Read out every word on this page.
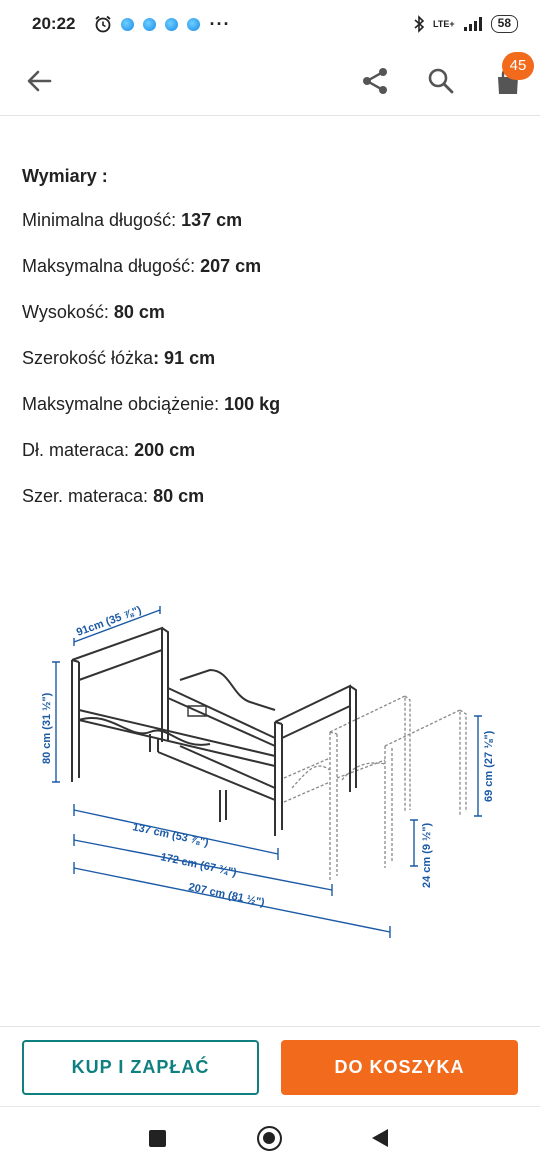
20:22	···	LTE+	58
45
Wymiary :
Minimalna długość: 137 cm
Maksymalna długość: 207 cm
Wysokość: 80 cm
Szerokość łóżka: 91 cm
Maksymalne obciążenie: 100 kg
Dł. materaca: 200 cm
Szer. materaca: 80 cm
91cm (35 ⅞")
80 cm (31 ½")
137 cm (53 ⅞")
172 cm (67 ¾")
207 cm (81 ½")
69 cm (27 ⅛")
24 cm (9 ½")
KUP I ZAPŁAĆ	DO KOSZYKA
